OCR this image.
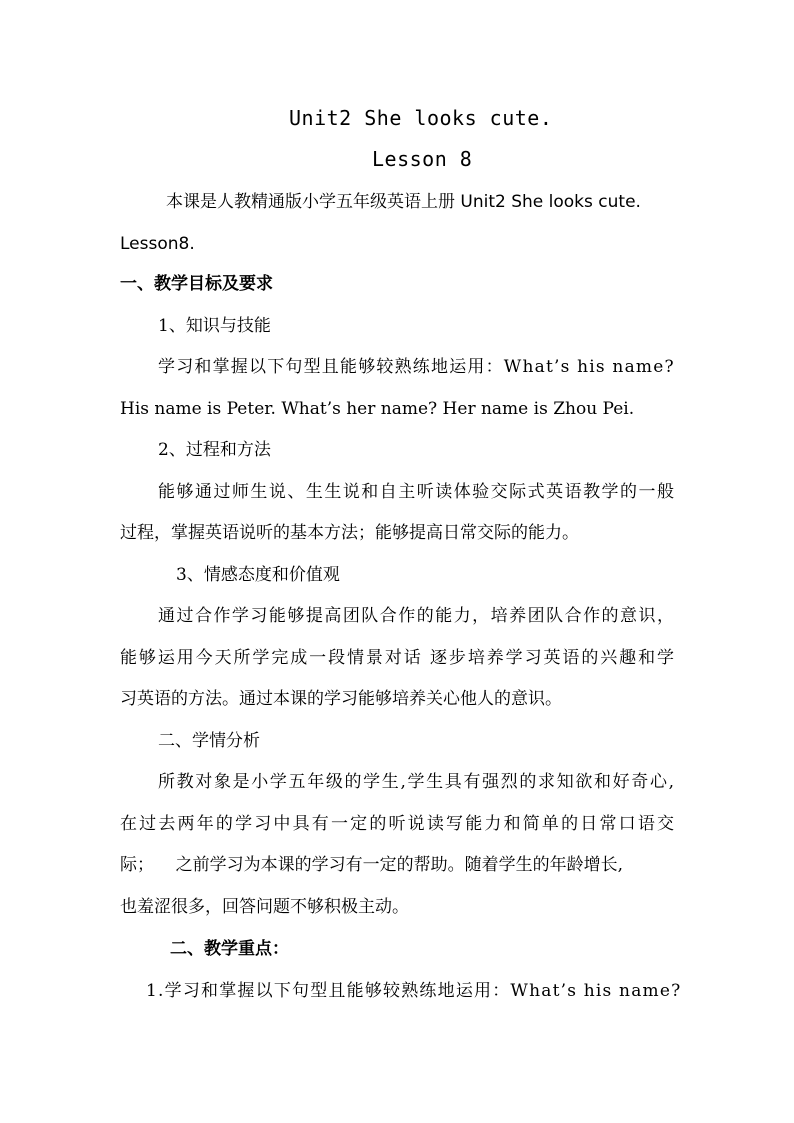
Unit2 She looks cute.
Lesson 8
本课是人教精通版小学五年级英语上册 Unit2 She looks cute.
Lesson8.
一、教学目标及要求
1、知识与技能
学习和掌握以下句型且能够较熟练地运用：What’s his name?
His name is Peter. What’s her name? Her name is Zhou Pei.
2、过程和方法
能够通过师生说、生生说和自主听读体验交际式英语教学的一般
过程，掌握英语说听的基本方法；能够提高日常交际的能力。
3、情感态度和价值观
通过合作学习能够提高团队合作的能力，培养团队合作的意识，
能够运用今天所学完成一段情景对话 逐步培养学习英语的兴趣和学
习英语的方法。通过本课的学习能够培养关心他人的意识。
二、学情分析
所教对象是小学五年级的学生,学生具有强烈的求知欲和好奇心,
在过去两年的学习中具有一定的听说读写能力和简单的日常口语交
际；    之前学习为本课的学习有一定的帮助。随着学生的年龄增长,
也羞涩很多，回答问题不够积极主动。
二、教学重点：
1.学习和掌握以下句型且能够较熟练地运用：What’s his name?
